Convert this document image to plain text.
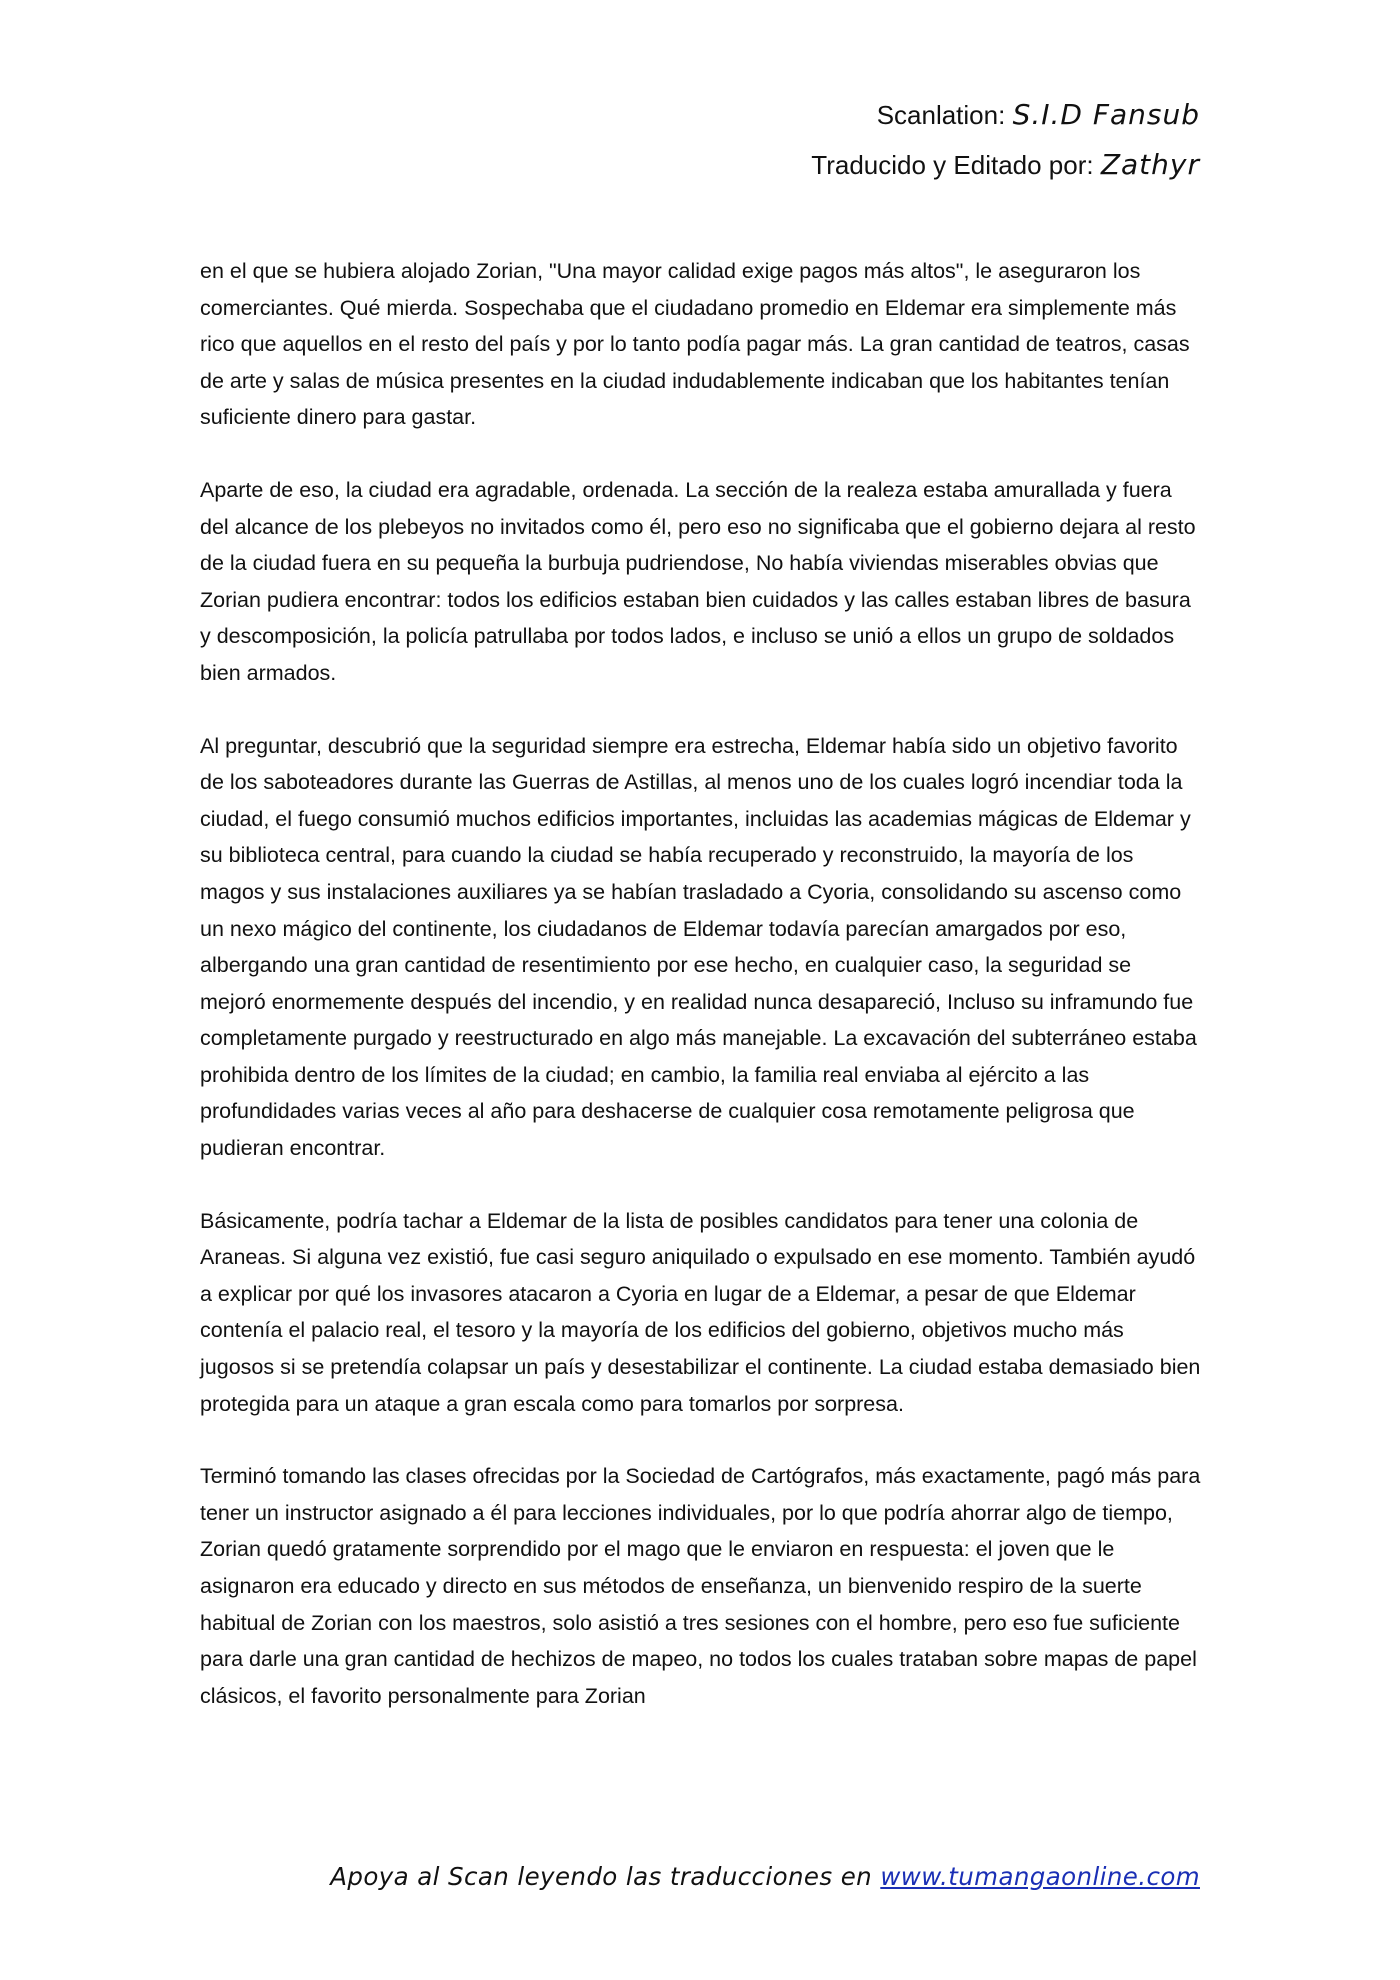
Scanlation: S.I.D Fansub
Traducido y Editado por: Zathyr

en el que se hubiera alojado Zorian, "Una mayor calidad exige pagos más altos", le aseguraron los comerciantes. Qué mierda. Sospechaba que el ciudadano promedio en Eldemar era simplemente más rico que aquellos en el resto del país y por lo tanto podía pagar más. La gran cantidad de teatros, casas de arte y salas de música presentes en la ciudad indudablemente indicaban que los habitantes tenían suficiente dinero para gastar.

Aparte de eso, la ciudad era agradable, ordenada. La sección de la realeza estaba amurallada y fuera del alcance de los plebeyos no invitados como él, pero eso no significaba que el gobierno dejara al resto de la ciudad fuera en su pequeña la burbuja pudriendose, No había viviendas miserables obvias que Zorian pudiera encontrar: todos los edificios estaban bien cuidados y las calles estaban libres de basura y descomposición, la policía patrullaba por todos lados, e incluso se unió a ellos un grupo de soldados bien armados.

Al preguntar, descubrió que la seguridad siempre era estrecha, Eldemar había sido un objetivo favorito de los saboteadores durante las Guerras de Astillas, al menos uno de los cuales logró incendiar toda la ciudad, el fuego consumió muchos edificios importantes, incluidas las academias mágicas de Eldemar y su biblioteca central, para cuando la ciudad se había recuperado y reconstruido, la mayoría de los magos y sus instalaciones auxiliares ya se habían trasladado a Cyoria, consolidando su ascenso como un nexo mágico del continente, los ciudadanos de Eldemar todavía parecían amargados por eso, albergando una gran cantidad de resentimiento por ese hecho, en cualquier caso, la seguridad se mejoró enormemente después del incendio, y en realidad nunca desapareció, Incluso su inframundo fue completamente purgado y reestructurado en algo más manejable. La excavación del subterráneo estaba prohibida dentro de los límites de la ciudad; en cambio, la familia real enviaba al ejército a las profundidades varias veces al año para deshacerse de cualquier cosa remotamente peligrosa que pudieran encontrar.

Básicamente, podría tachar a Eldemar de la lista de posibles candidatos para tener una colonia de Araneas. Si alguna vez existió, fue casi seguro aniquilado o expulsado en ese momento. También ayudó a explicar por qué los invasores atacaron a Cyoria en lugar de a Eldemar, a pesar de que Eldemar contenía el palacio real, el tesoro y la mayoría de los edificios del gobierno, objetivos mucho más jugosos si se pretendía colapsar un país y desestabilizar el continente. La ciudad estaba demasiado bien protegida para un ataque a gran escala como para tomarlos por sorpresa.

Terminó tomando las clases ofrecidas por la Sociedad de Cartógrafos, más exactamente, pagó más para tener un instructor asignado a él para lecciones individuales, por lo que podría ahorrar algo de tiempo, Zorian quedó gratamente sorprendido por el mago que le enviaron en respuesta: el joven que le asignaron era educado y directo en sus métodos de enseñanza, un bienvenido respiro de la suerte habitual de Zorian con los maestros, solo asistió a tres sesiones con el hombre, pero eso fue suficiente para darle una gran cantidad de hechizos de mapeo, no todos los cuales trataban sobre mapas de papel clásicos, el favorito personalmente para Zorian

Apoya al Scan leyendo las traducciones en www.tumangaonline.com
